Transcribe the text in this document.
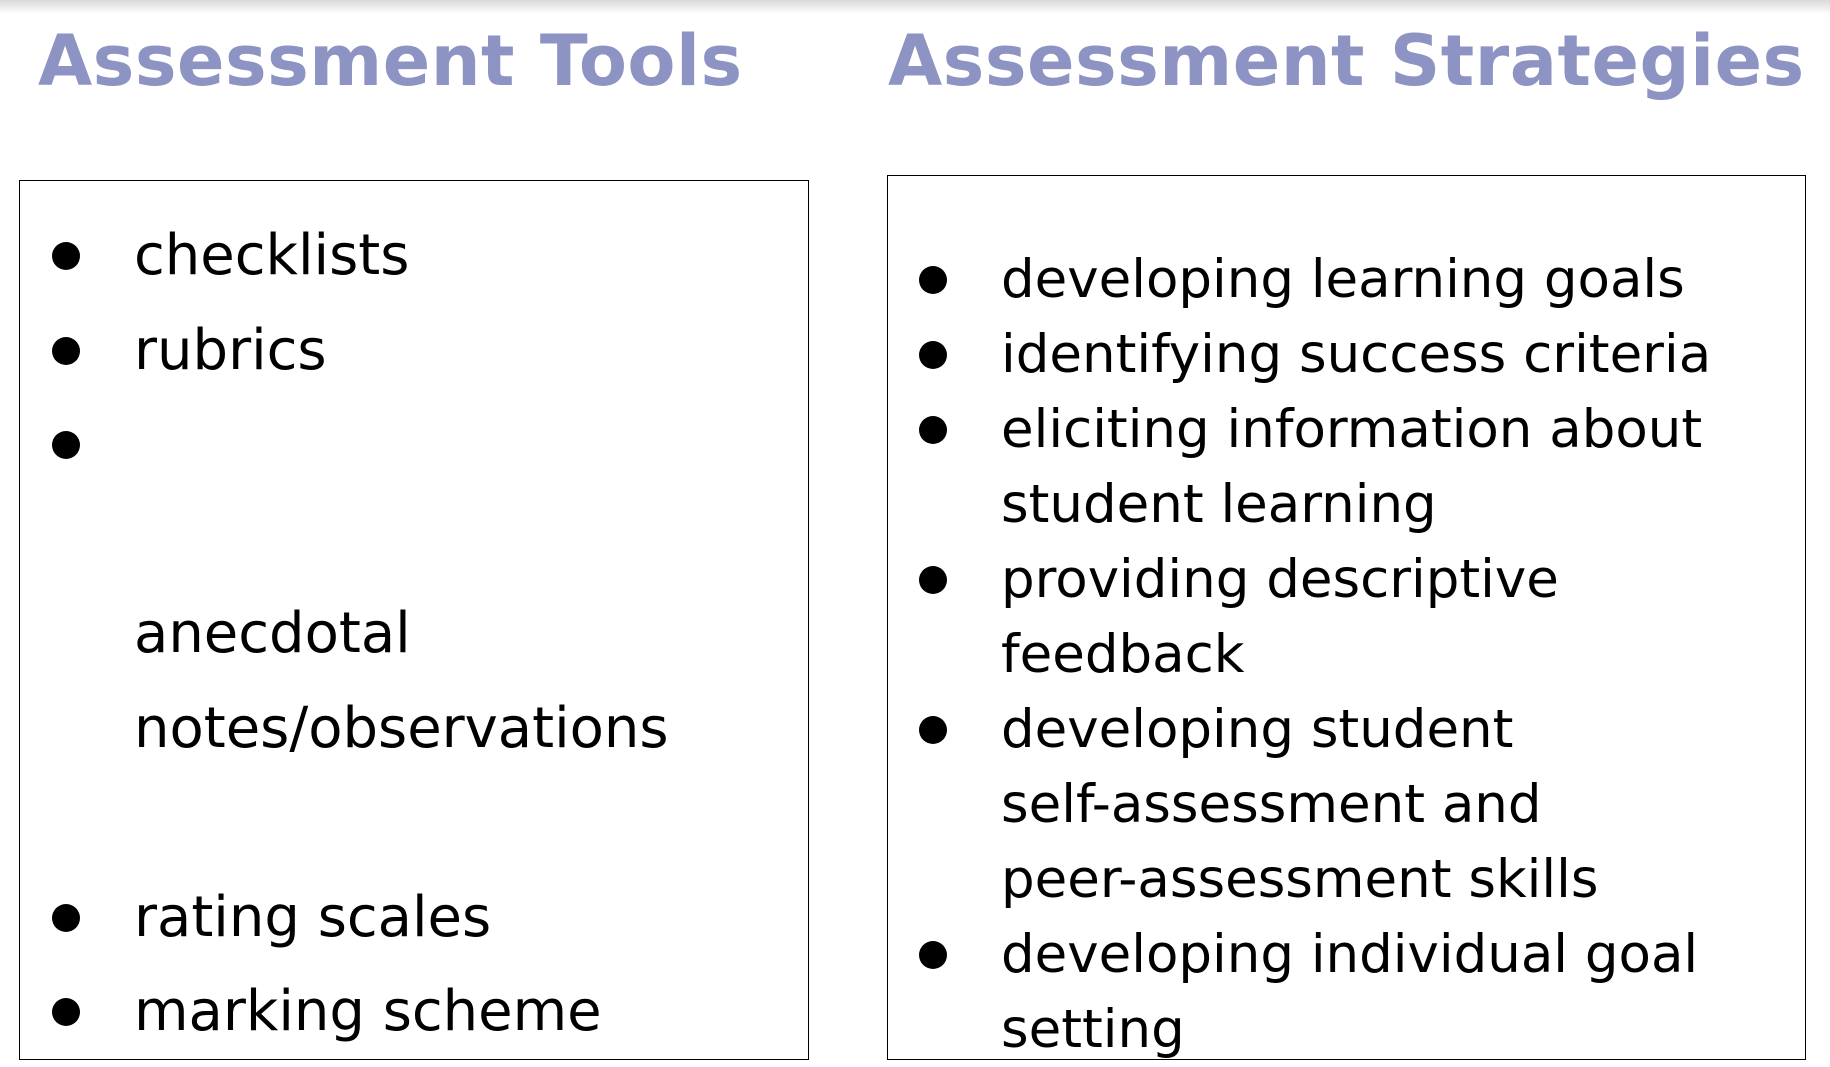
Assessment Tools Assessment Strategies
checklists
rubrics

anecdotal
notes/observations

rating scales
marking scheme
developing learning goals
identifying success criteria
eliciting information about
student learning
providing descriptive feedback
developing student
self-assessment and
peer-assessment skills
developing individual goal
setting
